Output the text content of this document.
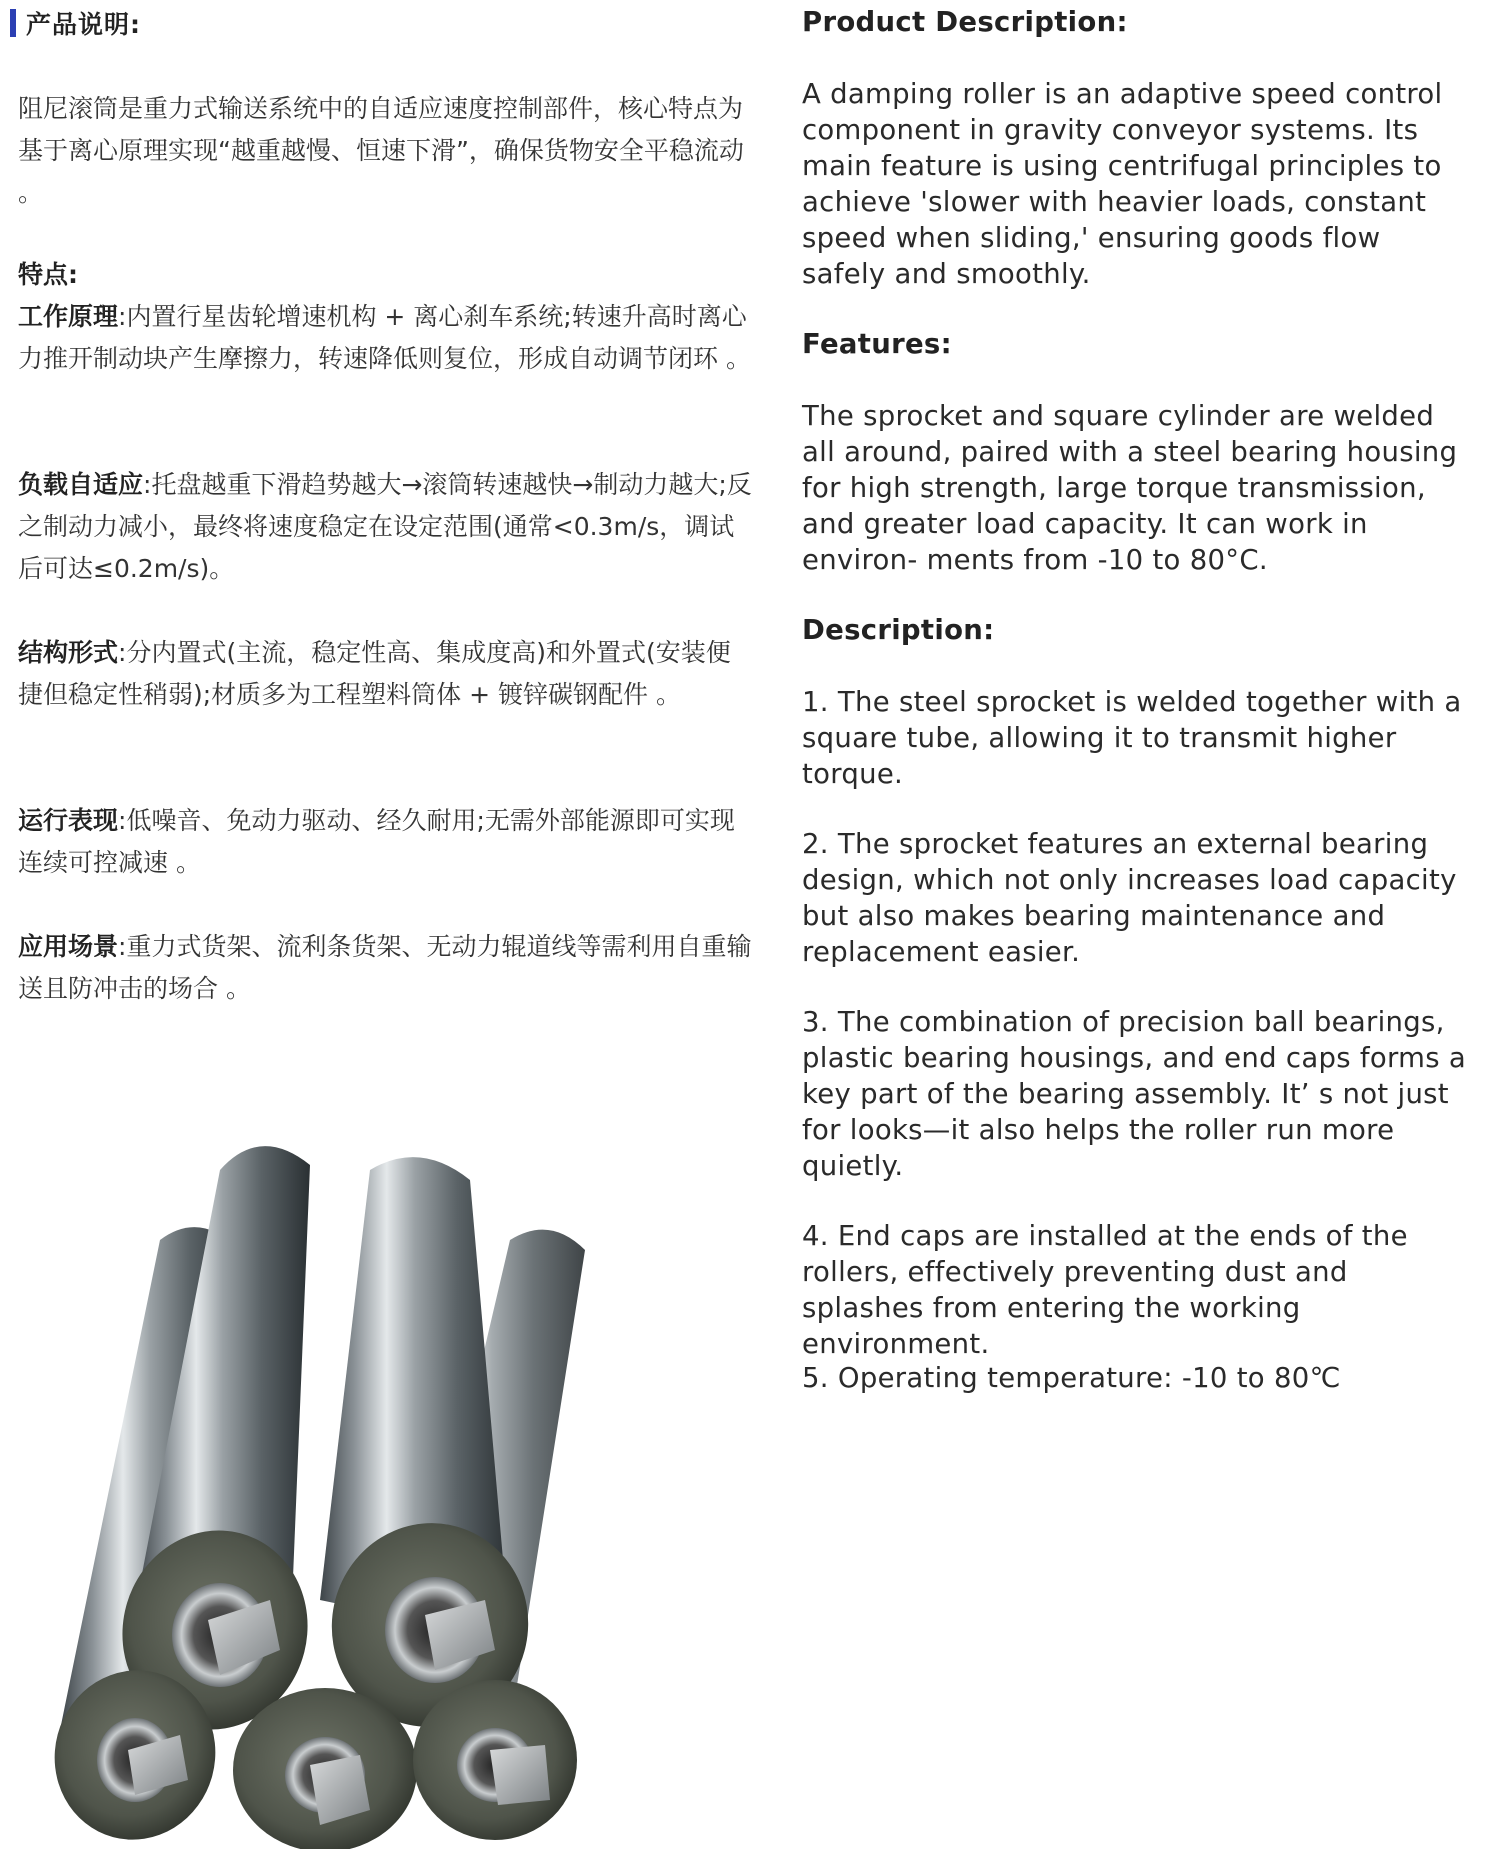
产品说明:
阻尼滚筒是重力式输送系统中的自适应速度控制部件，核心特点为基于离心原理实现“越重越慢、恒速下滑”，确保货物安全平稳流动 。
特点:
工作原理:内置行星齿轮增速机构 + 离心刹车系统;转速升高时离心力推开制动块产生摩擦力，转速降低则复位，形成自动调节闭环 。
负载自适应:托盘越重下滑趋势越大→滚筒转速越快→制动力越大;反之制动力减小，最终将速度稳定在设定范围(通常<0.3m/s，调试后可达≤0.2m/s)。
结构形式:分内置式(主流，稳定性高、集成度高)和外置式(安装便捷但稳定性稍弱);材质多为工程塑料筒体 + 镀锌碳钢配件 。
运行表现:低噪音、免动力驱动、经久耐用;无需外部能源即可实现连续可控减速 。
应用场景:重力式货架、流利条货架、无动力辊道线等需利用自重输送且防冲击的场合 。
Product Description:
A damping roller is an adaptive speed control component in gravity conveyor systems. Its main feature is using centrifugal principles to achieve 'slower with heavier loads, constant speed when sliding,' ensuring goods flow safely and smoothly.
Features:
The sprocket and square cylinder are welded all around, paired with a steel bearing housing for high strength, large torque transmission, and greater load capacity. It can work in environ- ments from -10 to 80°C.
Description:
1. The steel sprocket is welded together with a square tube, allowing it to transmit higher torque.
2. The sprocket features an external bearing design, which not only increases load capacity but also makes bearing maintenance and replacement easier.
3. The combination of precision ball bearings, plastic bearing housings, and end caps forms a key part of the bearing assembly. It’ s not just for looks—it also helps the roller run more quietly.
4. End caps are installed at the ends of the rollers, effectively preventing dust and splashes from entering the working environment.
5. Operating temperature: -10 to 80℃
